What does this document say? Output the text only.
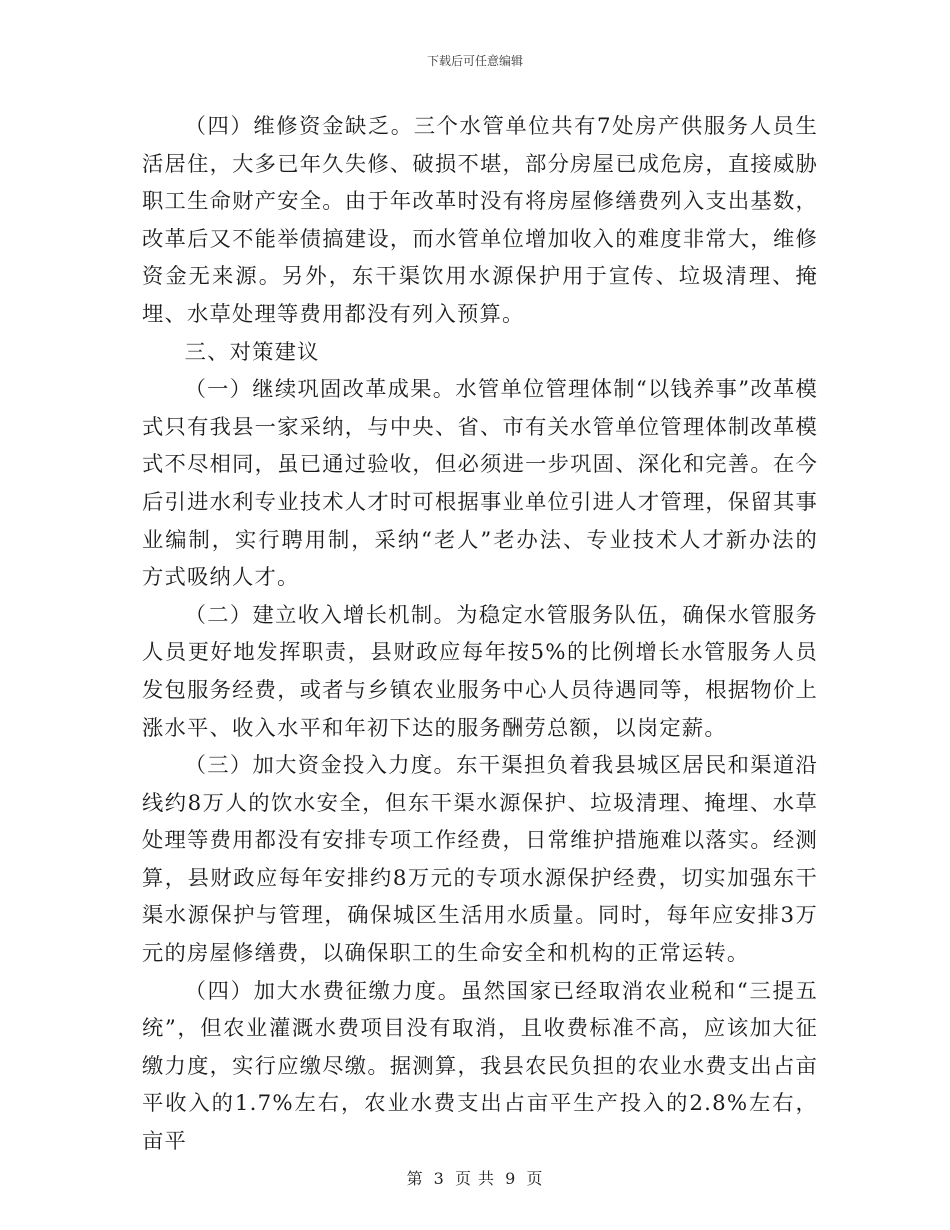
下载后可任意编辑

（四）维修资金缺乏。三个水管单位共有7处房产供服务人员生活居住，大多已年久失修、破损不堪，部分房屋已成危房，直接威胁职工生命财产安全。由于年改革时没有将房屋修缮费列入支出基数，改革后又不能举债搞建设，而水管单位增加收入的难度非常大，维修资金无来源。另外，东干渠饮用水源保护用于宣传、垃圾清理、掩埋、水草处理等费用都没有列入预算。

三、对策建议

（一）继续巩固改革成果。水管单位管理体制“以钱养事”改革模式只有我县一家采纳，与中央、省、市有关水管单位管理体制改革模式不尽相同，虽已通过验收，但必须进一步巩固、深化和完善。在今后引进水利专业技术人才时可根据事业单位引进人才管理，保留其事业编制，实行聘用制，采纳“老人”老办法、专业技术人才新办法的方式吸纳人才。

（二）建立收入增长机制。为稳定水管服务队伍，确保水管服务人员更好地发挥职责，县财政应每年按5%的比例增长水管服务人员发包服务经费，或者与乡镇农业服务中心人员待遇同等，根据物价上涨水平、收入水平和年初下达的服务酬劳总额，以岗定薪。

（三）加大资金投入力度。东干渠担负着我县城区居民和渠道沿线约8万人的饮水安全，但东干渠水源保护、垃圾清理、掩埋、水草处理等费用都没有安排专项工作经费，日常维护措施难以落实。经测算，县财政应每年安排约8万元的专项水源保护经费，切实加强东干渠水源保护与管理，确保城区生活用水质量。同时，每年应安排3万元的房屋修缮费，以确保职工的生命安全和机构的正常运转。

（四）加大水费征缴力度。虽然国家已经取消农业税和“三提五统”，但农业灌溉水费项目没有取消，且收费标准不高，应该加大征缴力度，实行应缴尽缴。据测算，我县农民负担的农业水费支出占亩平收入的1.7%左右，农业水费支出占亩平生产投入的2.8%左右，亩平

第 3 页 共 9 页
